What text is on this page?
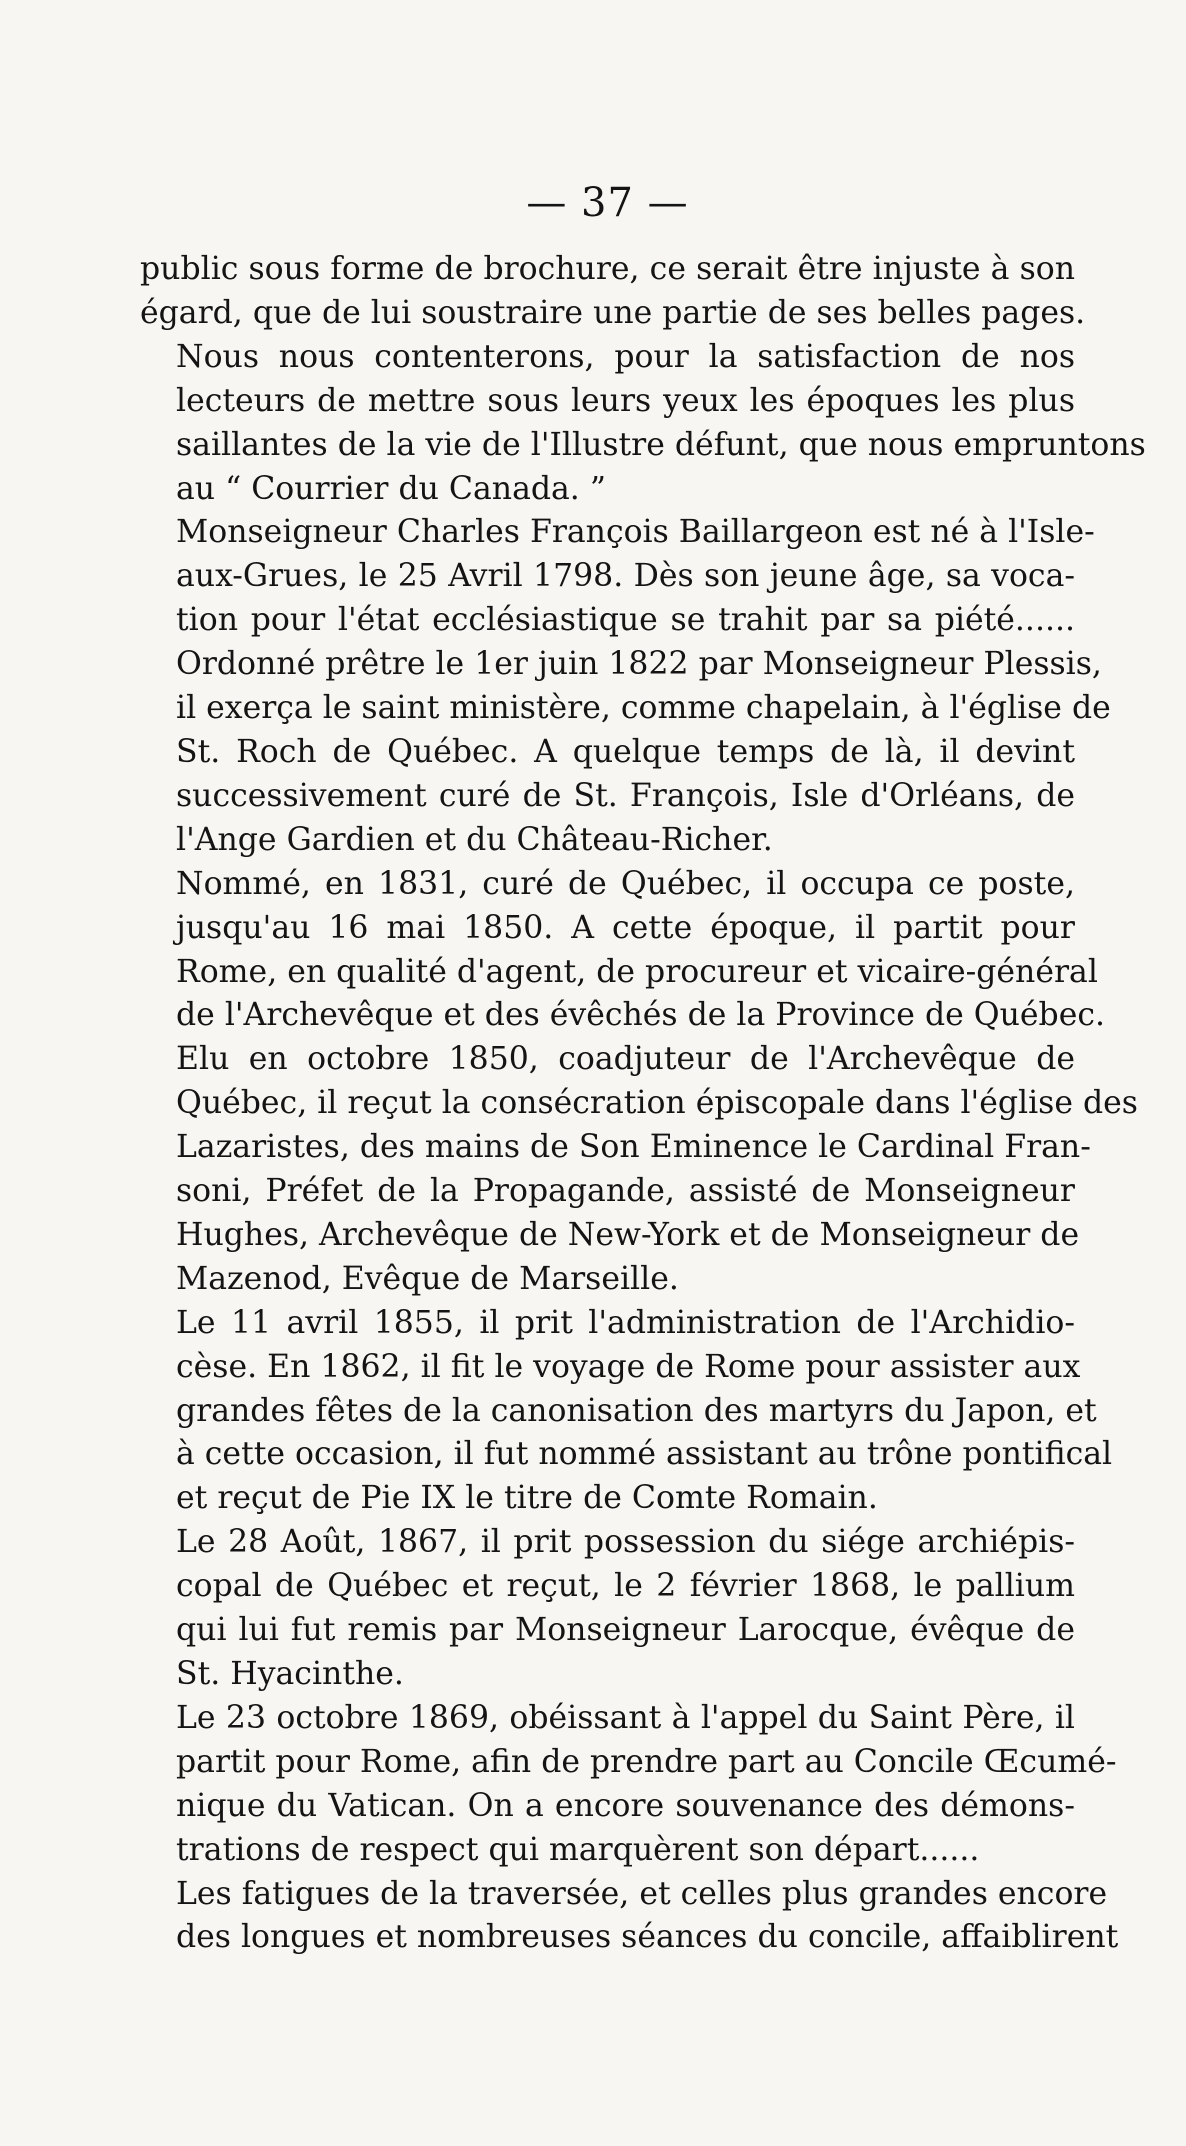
— 37 —

public sous forme de brochure, ce serait être injuste à son
égard, que de lui soustraire une partie de ses belles pages.

Nous nous contenterons, pour la satisfaction de nos
lecteurs de mettre sous leurs yeux les époques les plus
saillantes de la vie de l'Illustre défunt, que nous empruntons
au “ Courrier du Canada. ”

Monseigneur Charles François Baillargeon est né à l'Isle-
aux-Grues, le 25 Avril 1798. Dès son jeune âge, sa voca-
tion pour l'état ecclésiastique se trahit par sa piété......
Ordonné prêtre le 1er juin 1822 par Monseigneur Plessis,
il exerça le saint ministère, comme chapelain, à l'église de
St. Roch de Québec. A quelque temps de là, il devint
successivement curé de St. François, Isle d'Orléans, de
l'Ange Gardien et du Château-Richer.

Nommé, en 1831, curé de Québec, il occupa ce poste,
jusqu'au 16 mai 1850. A cette époque, il partit pour
Rome, en qualité d'agent, de procureur et vicaire-général
de l'Archevêque et des évêchés de la Province de Québec.
Elu en octobre 1850, coadjuteur de l'Archevêque de
Québec, il reçut la consécration épiscopale dans l'église des
Lazaristes, des mains de Son Eminence le Cardinal Fran-
soni, Préfet de la Propagande, assisté de Monseigneur
Hughes, Archevêque de New-York et de Monseigneur de
Mazenod, Evêque de Marseille.

Le 11 avril 1855, il prit l'administration de l'Archidio-
cèse. En 1862, il fit le voyage de Rome pour assister aux
grandes fêtes de la canonisation des martyrs du Japon, et
à cette occasion, il fut nommé assistant au trône pontifical
et reçut de Pie IX le titre de Comte Romain.

Le 28 Août, 1867, il prit possession du siége archiépis-
copal de Québec et reçut, le 2 février 1868, le pallium
qui lui fut remis par Monseigneur Larocque, évêque de
St. Hyacinthe.

Le 23 octobre 1869, obéissant à l'appel du Saint Père, il
partit pour Rome, afin de prendre part au Concile Œcumé-
nique du Vatican. On a encore souvenance des démons-
trations de respect qui marquèrent son départ......

Les fatigues de la traversée, et celles plus grandes encore
des longues et nombreuses séances du concile, affaiblirent
